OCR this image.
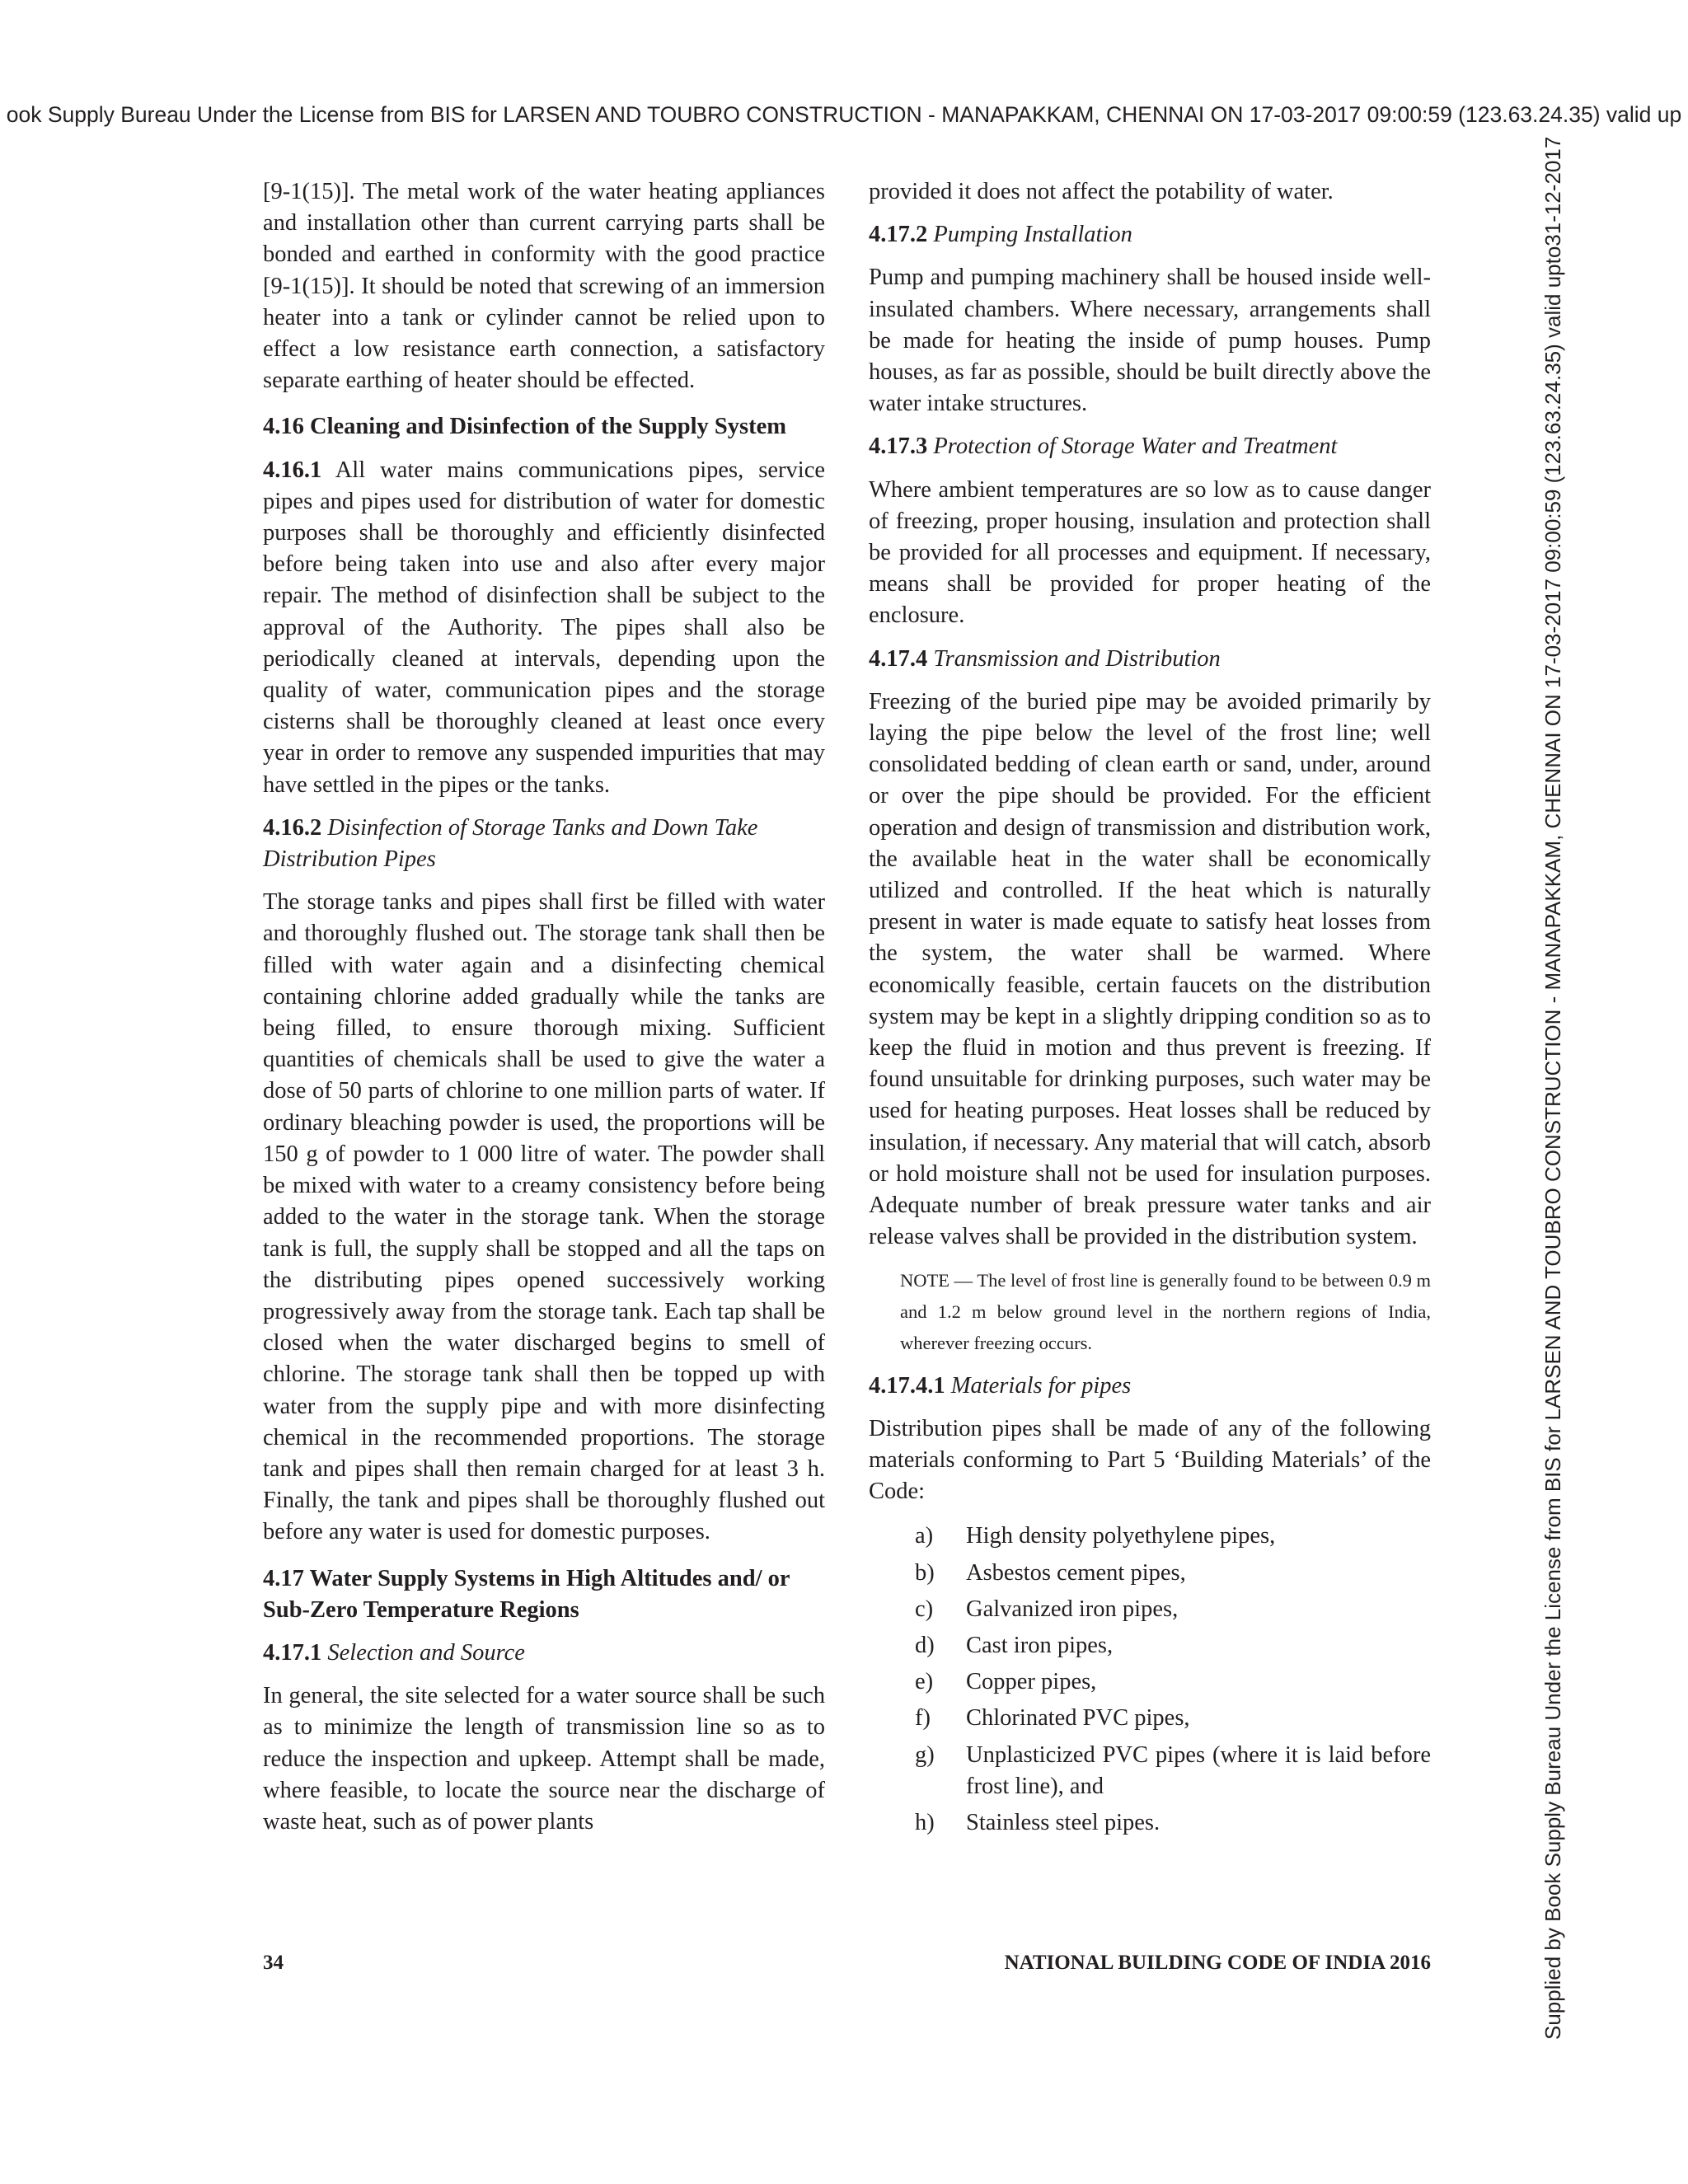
ook Supply Bureau Under the License from BIS for LARSEN AND TOUBRO CONSTRUCTION - MANAPAKKAM, CHENNAI ON 17-03-2017 09:00:59 (123.63.24.35) valid up
Supplied by Book Supply Bureau Under the License from BIS for LARSEN AND TOUBRO CONSTRUCTION - MANAPAKKAM, CHENNAI ON 17-03-2017 09:00:59 (123.63.24.35) valid upto31-12-2017

[9-1(15)]. The metal work of the water heating appliances and installation other than current carrying parts shall be bonded and earthed in conformity with the good practice [9-1(15)]. It should be noted that screwing of an immersion heater into a tank or cylinder cannot be relied upon to effect a low resistance earth connection, a satisfactory separate earthing of heater should be effected.

4.16 Cleaning and Disinfection of the Supply System

4.16.1 All water mains communications pipes, service pipes and pipes used for distribution of water for domestic purposes shall be thoroughly and efficiently disinfected before being taken into use and also after every major repair. The method of disinfection shall be subject to the approval of the Authority. The pipes shall also be periodically cleaned at intervals, depending upon the quality of water, communication pipes and the storage cisterns shall be thoroughly cleaned at least once every year in order to remove any suspended impurities that may have settled in the pipes or the tanks.

4.16.2 Disinfection of Storage Tanks and Down Take Distribution Pipes

The storage tanks and pipes shall first be filled with water and thoroughly flushed out. The storage tank shall then be filled with water again and a disinfecting chemical containing chlorine added gradually while the tanks are being filled, to ensure thorough mixing. Sufficient quantities of chemicals shall be used to give the water a dose of 50 parts of chlorine to one million parts of water. If ordinary bleaching powder is used, the proportions will be 150 g of powder to 1 000 litre of water. The powder shall be mixed with water to a creamy consistency before being added to the water in the storage tank. When the storage tank is full, the supply shall be stopped and all the taps on the distributing pipes opened successively working progressively away from the storage tank. Each tap shall be closed when the water discharged begins to smell of chlorine. The storage tank shall then be topped up with water from the supply pipe and with more disinfecting chemical in the recommended proportions. The storage tank and pipes shall then remain charged for at least 3 h. Finally, the tank and pipes shall be thoroughly flushed out before any water is used for domestic purposes.

4.17 Water Supply Systems in High Altitudes and/ or Sub-Zero Temperature Regions

4.17.1 Selection and Source

In general, the site selected for a water source shall be such as to minimize the length of transmission line so as to reduce the inspection and upkeep. Attempt shall be made, where feasible, to locate the source near the discharge of waste heat, such as of power plants

provided it does not affect the potability of water.

4.17.2 Pumping Installation

Pump and pumping machinery shall be housed inside well-insulated chambers. Where necessary, arrangements shall be made for heating the inside of pump houses. Pump houses, as far as possible, should be built directly above the water intake structures.

4.17.3 Protection of Storage Water and Treatment

Where ambient temperatures are so low as to cause danger of freezing, proper housing, insulation and protection shall be provided for all processes and equipment. If necessary, means shall be provided for proper heating of the enclosure.

4.17.4 Transmission and Distribution

Freezing of the buried pipe may be avoided primarily by laying the pipe below the level of the frost line; well consolidated bedding of clean earth or sand, under, around or over the pipe should be provided. For the efficient operation and design of transmission and distribution work, the available heat in the water shall be economically utilized and controlled. If the heat which is naturally present in water is made equate to satisfy heat losses from the system, the water shall be warmed. Where economically feasible, certain faucets on the distribution system may be kept in a slightly dripping condition so as to keep the fluid in motion and thus prevent is freezing. If found unsuitable for drinking purposes, such water may be used for heating purposes. Heat losses shall be reduced by insulation, if necessary. Any material that will catch, absorb or hold moisture shall not be used for insulation purposes. Adequate number of break pressure water tanks and air release valves shall be provided in the distribution system.

NOTE — The level of frost line is generally found to be between 0.9 m and 1.2 m below ground level in the northern regions of India, wherever freezing occurs.

4.17.4.1 Materials for pipes

Distribution pipes shall be made of any of the following materials conforming to Part 5 ‘Building Materials’ of the Code:

a)	High density polyethylene pipes,
b)	Asbestos cement pipes,
c)	Galvanized iron pipes,
d)	Cast iron pipes,
e)	Copper pipes,
f)	Chlorinated PVC pipes,
g)	Unplasticized PVC pipes (where it is laid before frost line), and
h)	Stainless steel pipes.
34	NATIONAL BUILDING CODE OF INDIA 2016
